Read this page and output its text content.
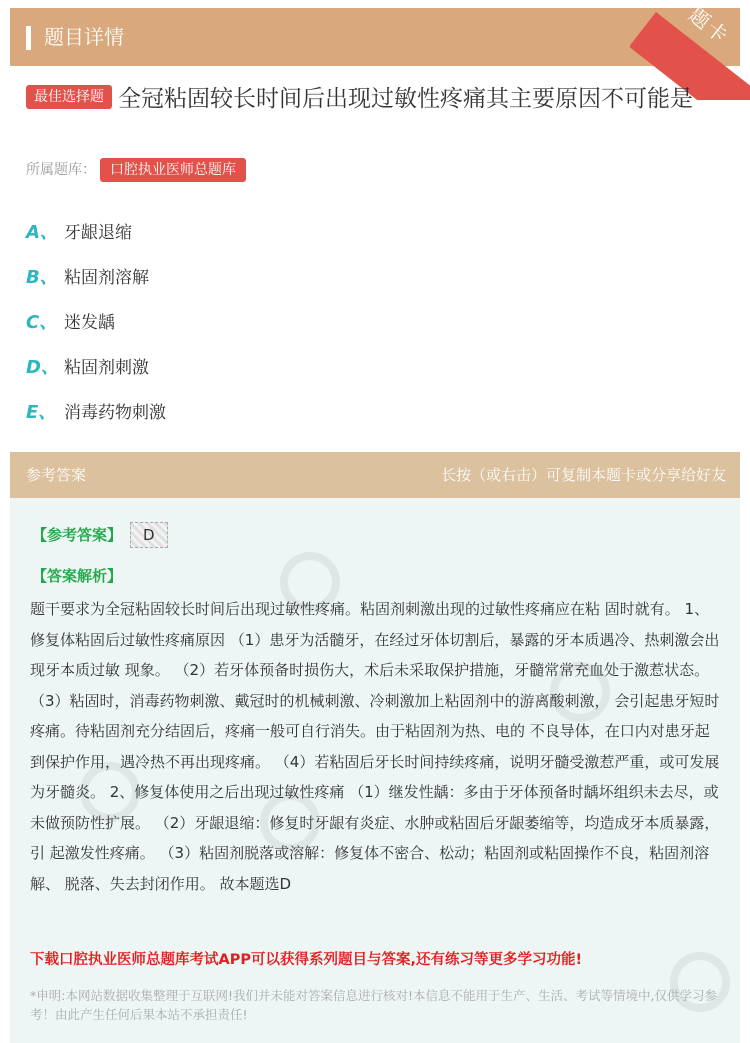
题目详情	题卡
最佳选择题 全冠粘固较长时间后出现过敏性疼痛其主要原因不可能是
所属题库： 口腔执业医师总题库
A、 牙龈退缩
B、 粘固剂溶解
C、 迷发龋
D、 粘固剂刺激
E、 消毒药物刺激
参考答案	长按（或右击）可复制本题卡或分享给好友
【参考答案】 D
【答案解析】
题干要求为全冠粘固较长时间后出现过敏性疼痛。粘固剂刺激出现的过敏性疼痛应在粘 固时就有。 1、修复体粘固后过敏性疼痛原因 （1）患牙为活髓牙，在经过牙体切割后，暴露的牙本质遇冷、热刺激会出现牙本质过敏 现象。 （2）若牙体预备时损伤大，术后未采取保护措施，牙髓常常充血处于激惹状态。 （3）粘固时，消毒药物刺激、戴冠时的机械刺激、冷刺激加上粘固剂中的游离酸刺激， 会引起患牙短时疼痛。待粘固剂充分结固后，疼痛一般可自行消失。由于粘固剂为热、电的 不良导体，在口内对患牙起到保护作用，遇冷热不再出现疼痛。 （4）若粘固后牙长时间持续疼痛，说明牙髓受激惹严重，或可发展为牙髓炎。 2、修复体使用之后出现过敏性疼痛 （1）继发性龋：多由于牙体预备时龋坏组织未去尽，或未做预防性扩展。 （2）牙龈退缩：修复时牙龈有炎症、水肿或粘固后牙龈萎缩等，均造成牙本质暴露，引 起激发性疼痛。 （3）粘固剂脱落或溶解：修复体不密合、松动；粘固剂或粘固操作不良，粘固剂溶解、 脱落、失去封闭作用。 故本题选D
下载口腔执业医师总题库考试APP可以获得系列题目与答案,还有练习等更多学习功能!
*申明:本网站数据收集整理于互联网!我们并未能对答案信息进行核对!本信息不能用于生产、生活、考试等情境中,仅供学习参考！由此产生任何后果本站不承担责任!
